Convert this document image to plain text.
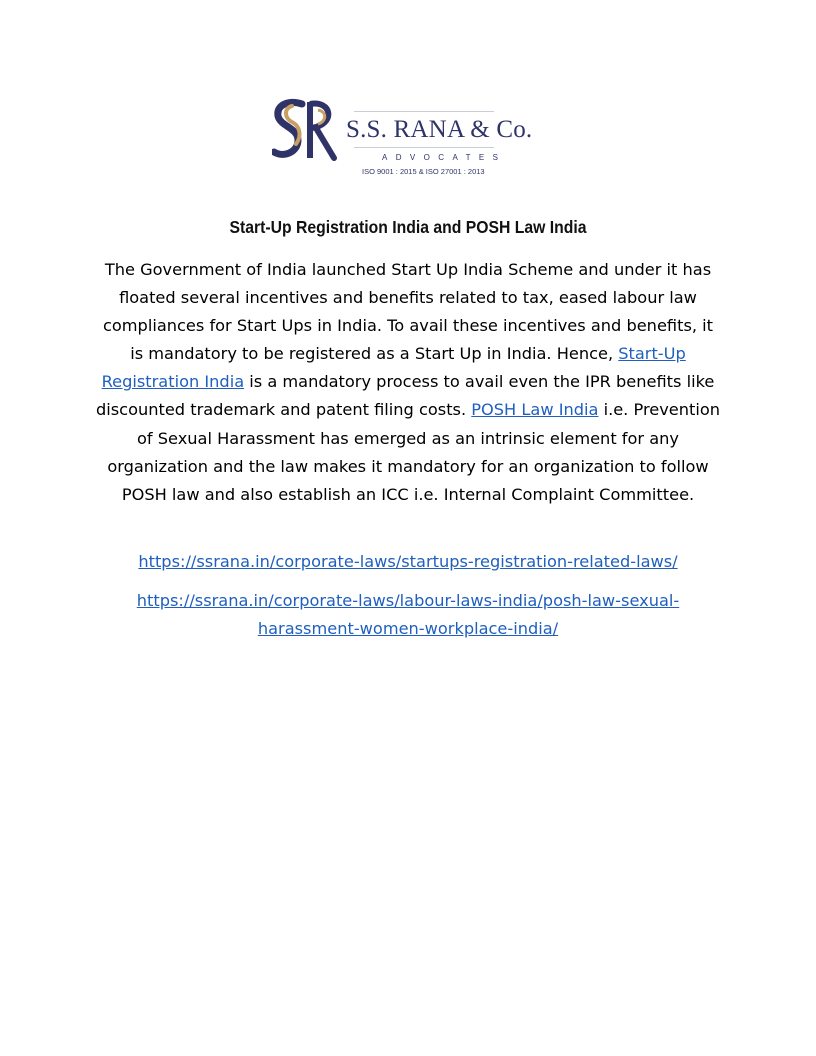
S.S. RANA & Co.
ADVOCATES
ISO 9001 : 2015 & ISO 27001 : 2013
Start-Up Registration India and POSH Law India

The Government of India launched Start Up India Scheme and under it has floated several incentives and benefits related to tax, eased labour law compliances for Start Ups in India. To avail these incentives and benefits, it is mandatory to be registered as a Start Up in India. Hence, Start-Up Registration India is a mandatory process to avail even the IPR benefits like discounted trademark and patent filing costs. POSH Law India i.e. Prevention of Sexual Harassment has emerged as an intrinsic element for any organization and the law makes it mandatory for an organization to follow POSH law and also establish an ICC i.e. Internal Complaint Committee.

https://ssrana.in/corporate-laws/startups-registration-related-laws/
https://ssrana.in/corporate-laws/labour-laws-india/posh-law-sexual-harassment-women-workplace-india/
